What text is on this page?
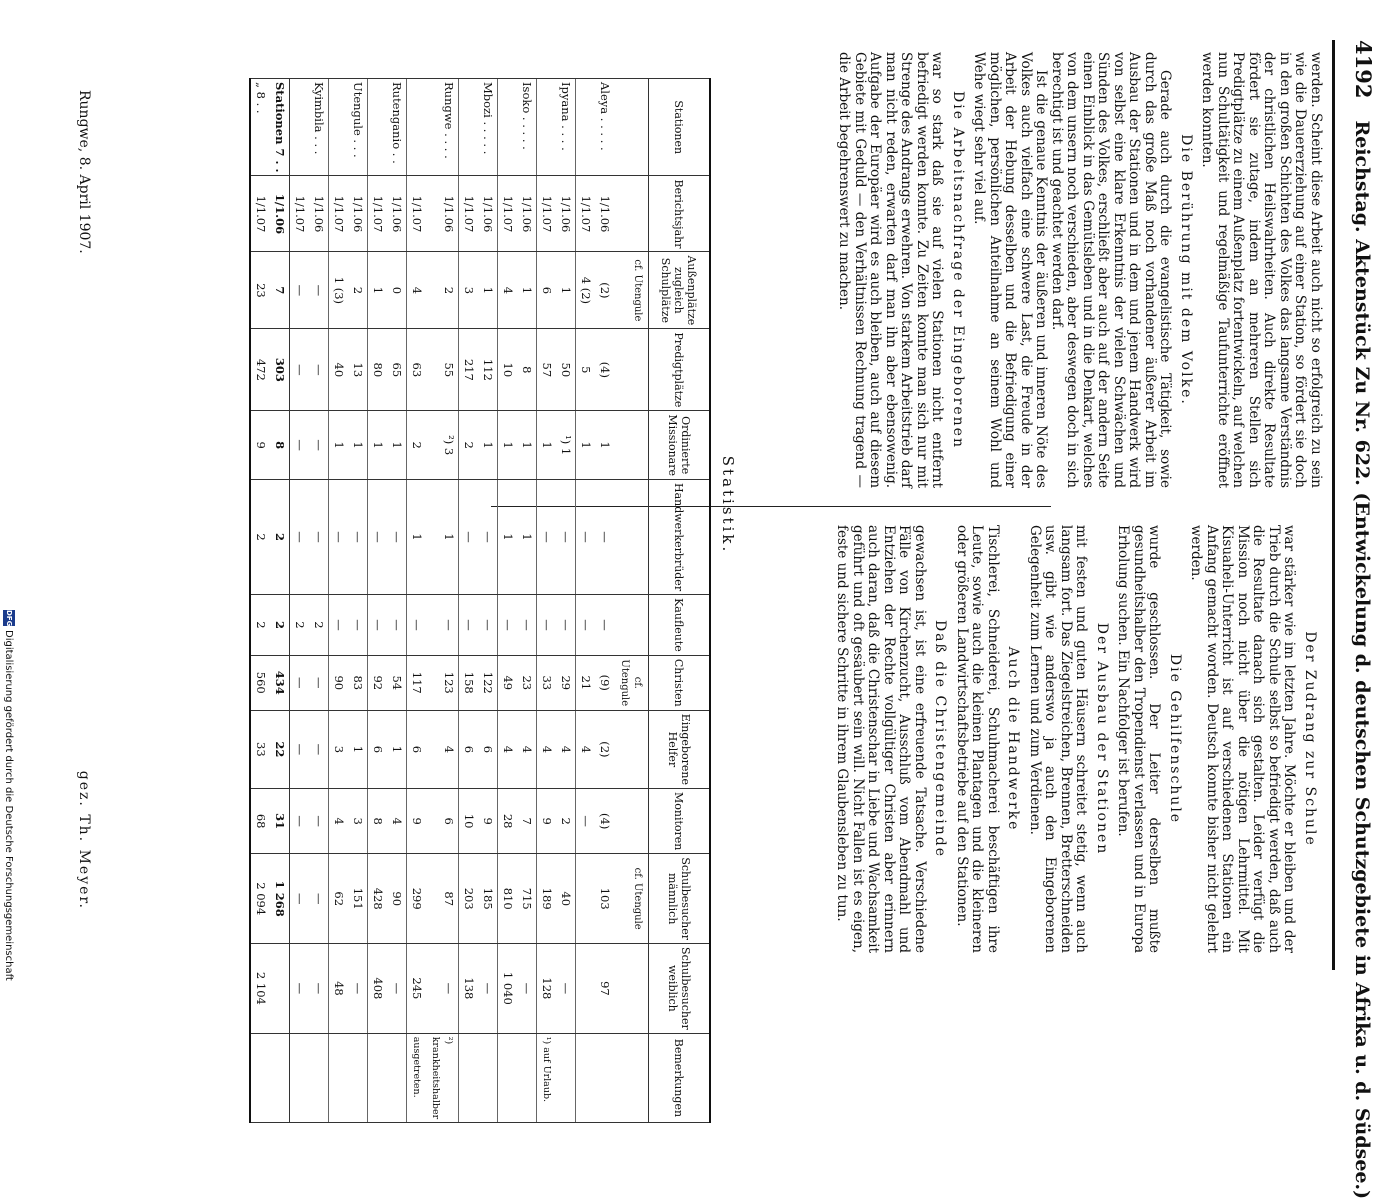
4192
Reichstag. Aktenstück Zu Nr. 622. (Entwickelung d. deutschen Schutzgebiete in Afrika u. d. Südsee.)

werden. Scheint diese Arbeit auch nicht so erfolgreich zu sein wie die Dauererziehung auf einer Station, so fördert sie doch in den großen Schichten des Volkes das langsame Verständnis der christlichen Heilswahrheiten. Auch direkte Resultate fördert sie zutage, indem an mehreren Stellen sich Predigtplätze zu einem Außenplatz fortentwickeln, auf welchen nun Schultätigkeit und regelmäßige Taufunterrichte eröffnet werden konnten.

Die Berührung mit dem Volke.

Gerade auch durch die evangelistische Tätigkeit, sowie durch das große Maß noch vorhandener äußerer Arbeit im Ausbau der Stationen und in dem und jenem Handwerk wird von selbst eine klare Erkenntnis der vielen Schwächen und Sünden des Volkes, erschließt aber auch auf der andern Seite einen Einblick in das Gemütsleben und in die Denkart, welches von dem unsern noch verschieden, aber deswegen doch in sich berechtigt ist und geachtet werden darf.

Ist die genaue Kenntnis der äußeren und inneren Nöte des Volkes auch vielfach eine schwere Last, die Freude in der Arbeit der Hebung desselben und die Befriedigung einer möglichen, persönlichen Anteilnahme an seinem Wohl und Wehe wiegt sehr viel auf.

Die Arbeitsnachfrage der Eingeborenen

war so stark daß sie auf vielen Stationen nicht entfernt befriedigt werden konnte. Zu Zeiten konnte man sich nur mit Strenge des Andrangs erwehren. Von starkem Arbeitstrieb darf man nicht reden, erwarten darf man ihn aber ebensowenig. Aufgabe der Europäer wird es auch bleiben, auch auf diesem Gebiete mit Geduld — den Verhältnissen Rechnung tragend — die Arbeit begehrenswert zu machen.

Der Zudrang zur Schule

war stärker wie im letzten Jahre. Möchte er bleiben und der Trieb durch die Schule selbst so befriedigt werden, daß auch die Resultate danach sich gestalten. Leider verfügt die Mission noch nicht über die nötigen Lehrmittel. Mit Kisuaheli-Unterricht ist auf verschiedenen Stationen ein Anfang gemacht worden. Deutsch konnte bisher nicht gelehrt werden.

Die Gehilfenschule

wurde geschlossen. Der Leiter derselben mußte gesundheitshalber den Tropendienst verlassen und in Europa Erholung suchen. Ein Nachfolger ist berufen.

Der Ausbau der Stationen

mit festen und guten Häusern schreitet stetig, wenn auch langsam fort. Das Ziegelstreichen, Brennen, Bretterschneiden usw. gibt wie anderswo ja auch den Eingeborenen Gelegenheit zum Lernen und zum Verdienen.

Auch die Handwerke

Tischlerei, Schneiderei, Schuhmacherei beschäftigen ihre Leute, sowie auch die kleinen Plantagen und die kleineren oder größeren Landwirtschaftsbetriebe auf den Stationen.

Daß die Christengemeinde

gewachsen ist, ist eine erfreuende Tatsache. Verschiedene Fälle von Kirchenzucht, Ausschluß vom Abendmahl und Entziehen der Rechte vollgültiger Christen aber erinnern auch daran, daß die Christenschar in Liebe und Wachsamkeit geführt und oft gesäubert sein will. Nicht Fallen ist es eigen, feste und sichere Schritte in ihrem Glaubensleben zu tun.

Statistik.
Stationen	Berichtsjahr	Außenplätze zugleich Schulplätze	Predigtplätze	Ordinierte Missionare	Handwerkerbrüder	Kaufleute	Christen	Eingeborene Helfer	Monitoren	Schulbesucher männlich	Schulbesucher weiblich	Bemerkungen
		cf. Utengule					cf. Utengule			cf. Utengule		
Aleya . . . . .	1/1.06	(2)	(4)	1	—	—	(9)	(2)	(4)	103	97	
	1/1.07	4 (2)	5	1	—	—	21	4	—			
Ipyana . . . .	1/1.06	1	50	¹) 1	—	—	29	4	2	40	—	
	1/1.07	6	57	1	—	—	33	4	9	189	128	¹) auf Urlaub.
Isoko . . . . .	1/1.06	1	8	1	1	—	23	4	7	715	—	
	1/1.07	4	10	1	1	—	49	4	28	810	1 040	
Mbozi . . . . .	1/1.06	1	112	1	—	—	122	6	9	185	—	
	1/1.07	3	217	2	—	—	158	6	10	203	138	
Rungwe . . . .	1/1.06	2	55	²) 3	1	—	123	4	6	87	—	²) krankheitshalber
	1/1.07	4	63	2	1	—	117	6	9	299	245	ausgetreten.
Rutenganio . .	1/1.06	0	65	1	—	—	54	1	4	90	—	
	1/1.07	1	80	1	—	—	92	6	8	428	408	
Utengule . . .	1/1.06	2	13	1	—	—	83	1	3	151	—	
	1/1.07	1 (3)	40	1	—	—	90	3	4	62	48	
Kyimbila . . .	1/1.06	—	—	—	—	2	—	—	—	—	—	
	1/1.07	—	—	—	—	2	—	—	—	—	—	
Stationen 7 . .	1/1.06	7	303	8	2	2	434	22	31	1 268		
„ 8 . .	1/1.07	23	472	9	2	2	560	33	68	2 094	2 104	
Rungwe, 8. April 1907.
gez. Th. Meyer.
DFG
Digitalisierung gefördert durch die Deutsche Forschungsgemeinschaft
